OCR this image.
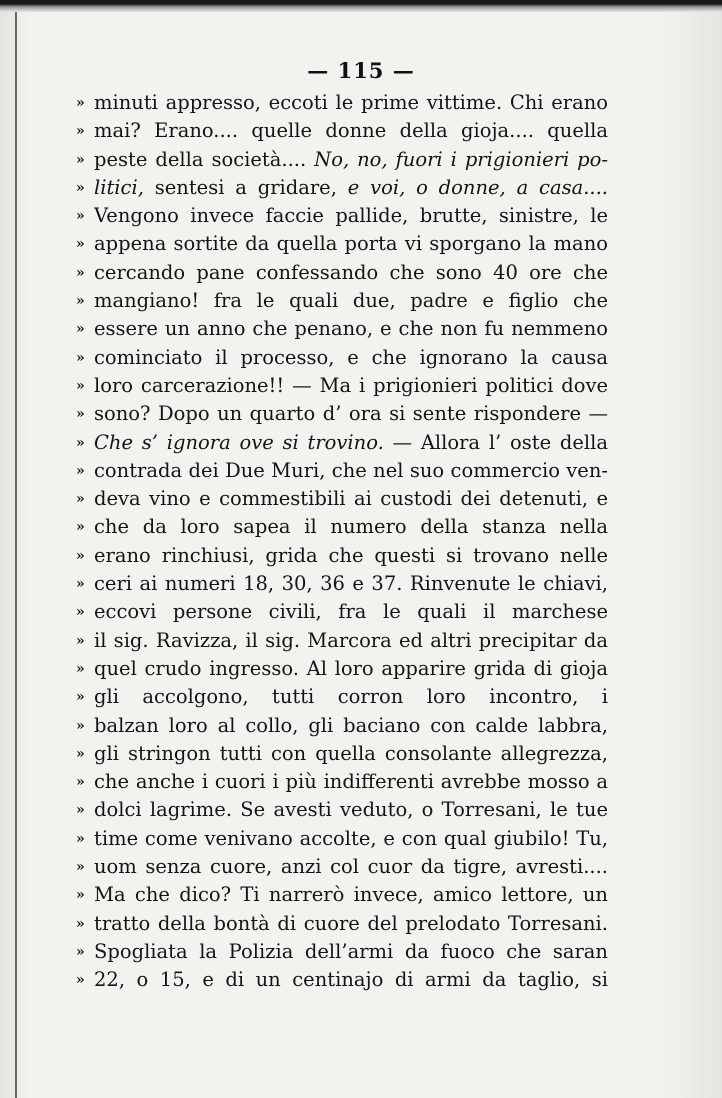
— 115 —
» minuti appresso, eccoti le prime vittime. Chi erano
» mai? Erano.... quelle donne della gioja.... quella
» peste della società.... No, no, fuori i prigionieri po-
» litici, sentesi a gridare, e voi, o donne, a casa....
» Vengono invece faccie pallide, brutte, sinistre, le
» appena sortite da quella porta vi sporgano la mano
» cercando pane confessando che sono 40 ore che
» mangiano! fra le quali due, padre e figlio che
» essere un anno che penano, e che non fu nemmeno
» cominciato il processo, e che ignorano la causa
» loro carcerazione!! — Ma i prigionieri politici dove
» sono? Dopo un quarto d’ ora si sente rispondere —
» Che s’ ignora ove si trovino. — Allora l’ oste della
» contrada dei Due Muri, che nel suo commercio ven-
» deva vino e commestibili ai custodi dei detenuti, e
» che da loro sapea il numero della stanza nella
» erano rinchiusi, grida che questi si trovano nelle
» ceri ai numeri 18, 30, 36 e 37. Rinvenute le chiavi,
» eccovi persone civili, fra le quali il marchese
» il sig. Ravizza, il sig. Marcora ed altri precipitar da
» quel crudo ingresso. Al loro apparire grida di gioja
» gli accolgono, tutti corron loro incontro, i
» balzan loro al collo, gli baciano con calde labbra,
» gli stringon tutti con quella consolante allegrezza,
» che anche i cuori i più indifferenti avrebbe mosso a
» dolci lagrime. Se avesti veduto, o Torresani, le tue
» time come venivano accolte, e con qual giubilo! Tu,
» uom senza cuore, anzi col cuor da tigre, avresti....
» Ma che dico? Ti narrerò invece, amico lettore, un
» tratto della bontà di cuore del prelodato Torresani.
» Spogliata la Polizia dell’armi da fuoco che saran
» 22, o 15, e di un centinajo di armi da taglio, si
